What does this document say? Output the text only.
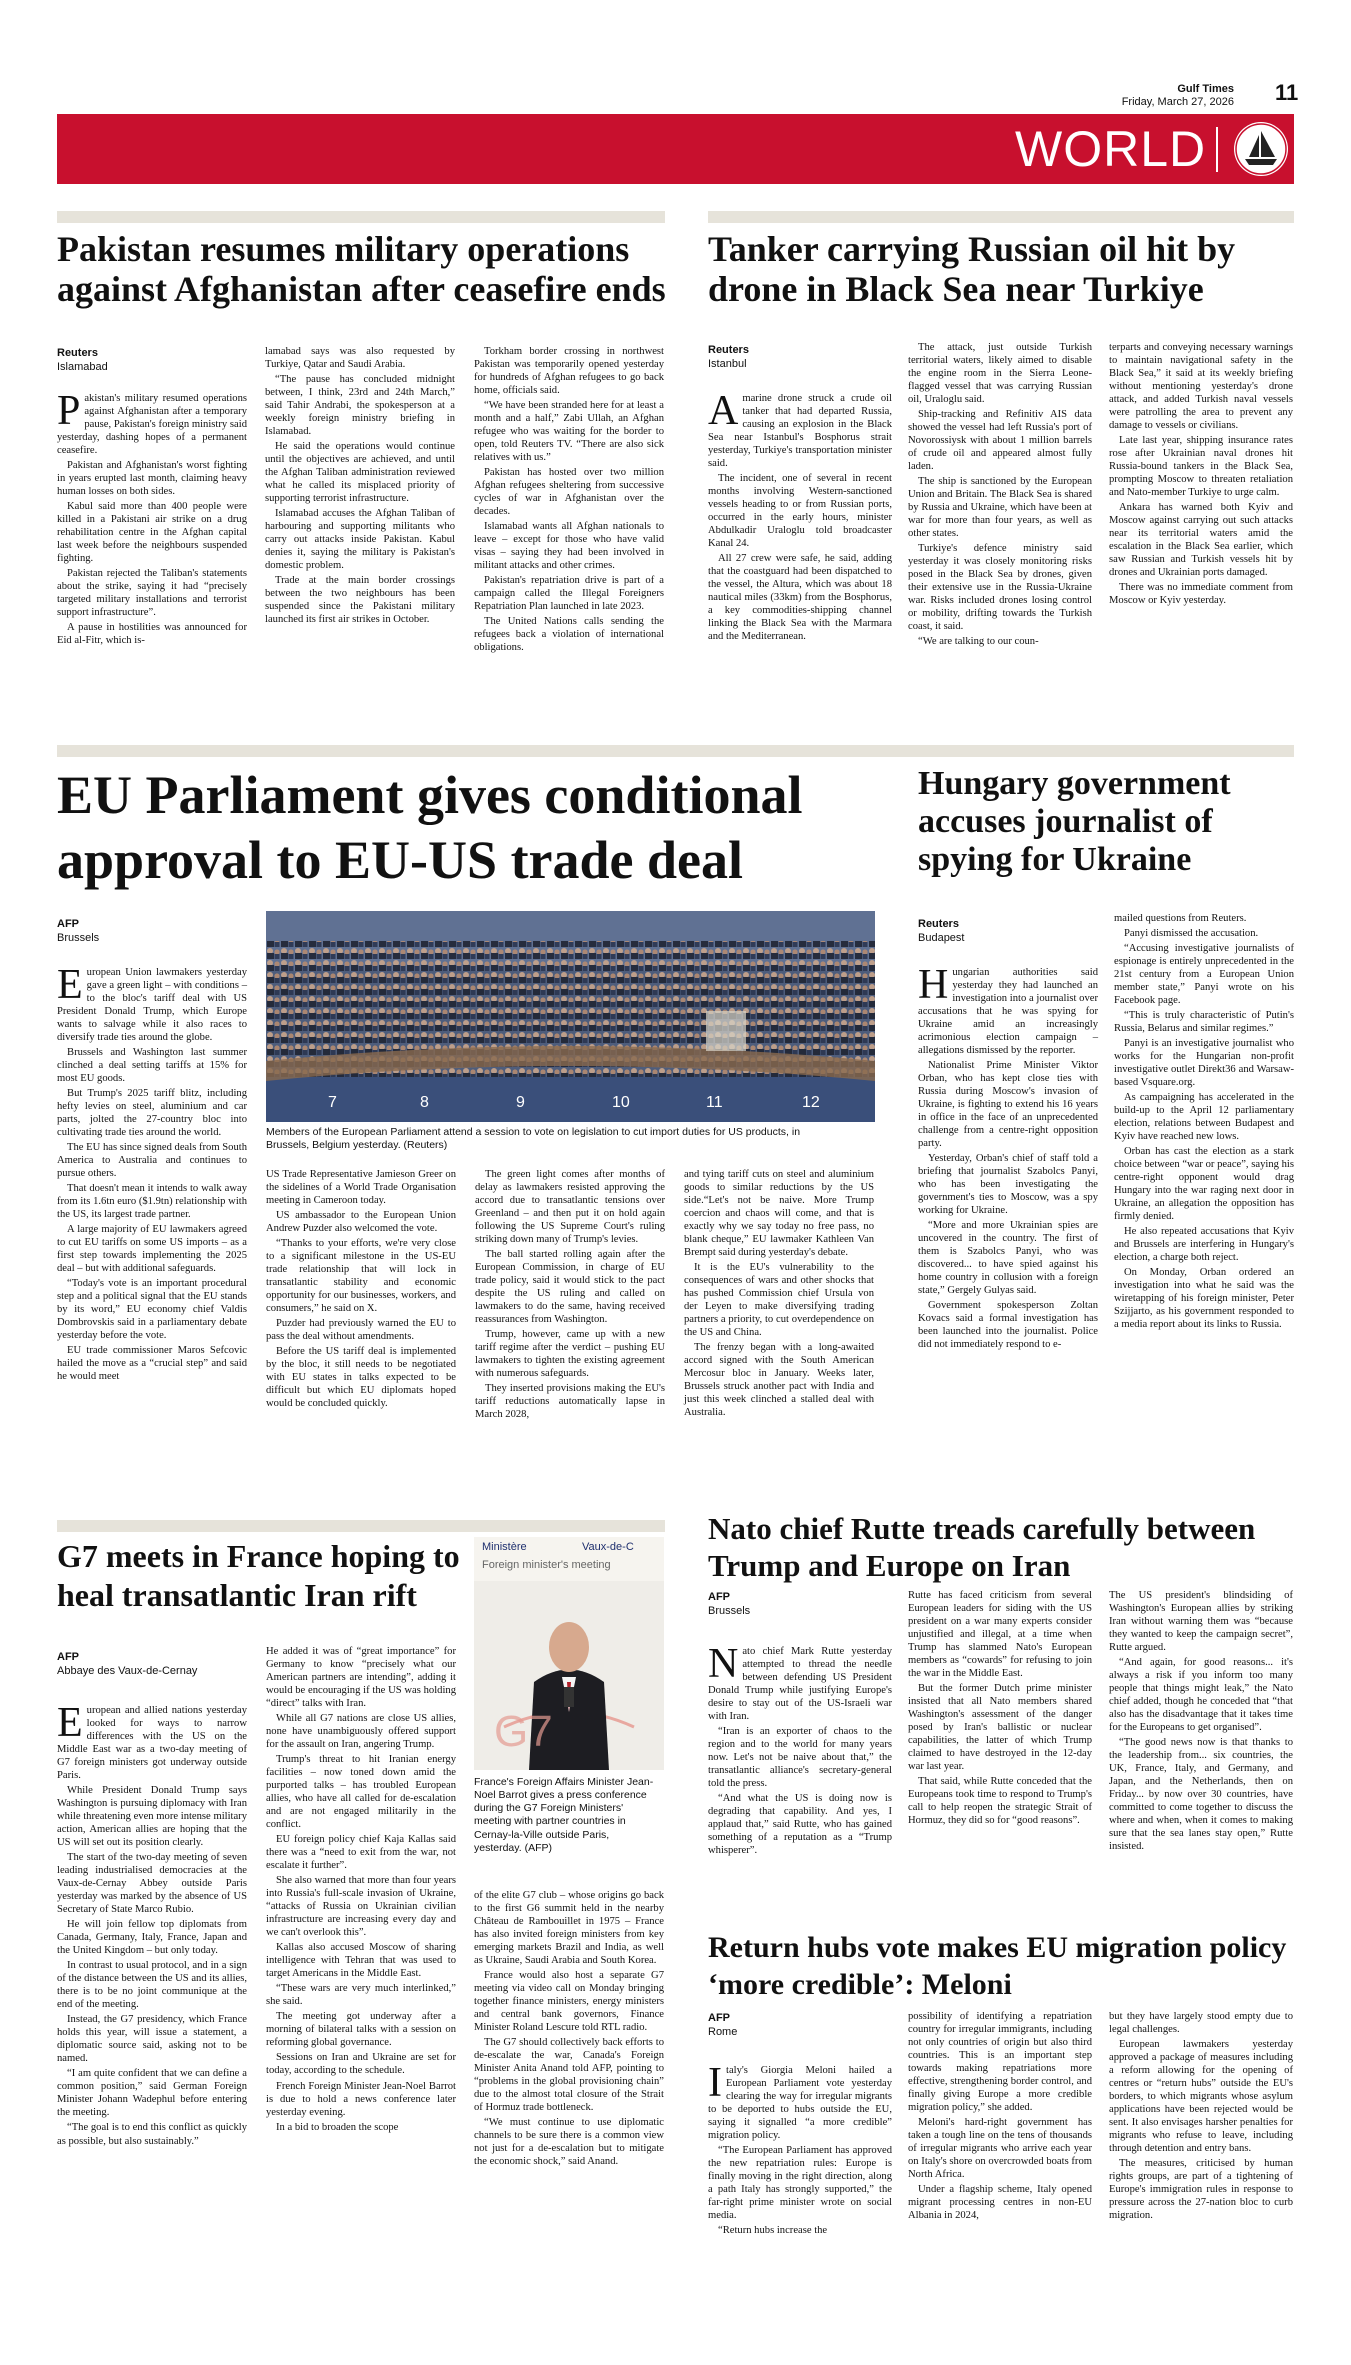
Gulf Times
Friday, March 27, 2026 11
WORLD
Pakistan resumes military operations against Afghanistan after ceasefire ends
Reuters
Islamabad

Pakistan's military resumed operations against Afghanistan after a temporary pause, Pakistan's foreign ministry said yesterday, dashing hopes of a permanent ceasefire.

Pakistan and Afghanistan's worst fighting in years erupted last month, claiming heavy human losses on both sides.

Kabul said more than 400 people were killed in a Pakistani air strike on a drug rehabilitation centre in the Afghan capital last week before the neighbours suspended fighting.

Pakistan rejected the Taliban's statements about the strike, saying it had “precisely targeted military installations and terrorist support infrastructure”.

A pause in hostilities was announced for Eid al-Fitr, which is-

lamabad says was also requested by Turkiye, Qatar and Saudi Arabia.

“The pause has concluded midnight between, I think, 23rd and 24th March,” said Tahir Andrabi, the spokesperson at a weekly foreign ministry briefing in Islamabad.

He said the operations would continue until the objectives are achieved, and until the Afghan Taliban administration reviewed what he called its misplaced priority of supporting terrorist infrastructure.

Islamabad accuses the Afghan Taliban of harbouring and supporting militants who carry out attacks inside Pakistan. Kabul denies it, saying the military is Pakistan's domestic problem.

Trade at the main border crossings between the two neighbours has been suspended since the Pakistani military launched its first air strikes in October.

Torkham border crossing in northwest Pakistan was temporarily opened yesterday for hundreds of Afghan refugees to go back home, officials said.

“We have been stranded here for at least a month and a half,” Zabi Ullah, an Afghan refugee who was waiting for the border to open, told Reuters TV. “There are also sick relatives with us.”

Pakistan has hosted over two million Afghan refugees sheltering from successive cycles of war in Afghanistan over the decades.

Islamabad wants all Afghan nationals to leave – except for those who have valid visas – saying they had been involved in militant attacks and other crimes.

Pakistan's repatriation drive is part of a campaign called the Illegal Foreigners Repatriation Plan launched in late 2023.

The United Nations calls sending the refugees back a violation of international obligations.

Tanker carrying Russian oil hit by drone in Black Sea near Turkiye
Reuters
Istanbul

A marine drone struck a crude oil tanker that had departed Russia, causing an explosion in the Black Sea near Istanbul's Bosphorus strait yesterday, Turkiye's transportation minister said.

The incident, one of several in recent months involving Western-sanctioned vessels heading to or from Russian ports, occurred in the early hours, minister Abdulkadir Uraloglu told broadcaster Kanal 24.

All 27 crew were safe, he said, adding that the coastguard had been dispatched to the vessel, the Altura, which was about 18 nautical miles (33km) from the Bosphorus, a key commodities-shipping channel linking the Black Sea with the Marmara and the Mediterranean.

The attack, just outside Turkish territorial waters, likely aimed to disable the engine room in the Sierra Leone-flagged vessel that was carrying Russian oil, Uraloglu said.

Ship-tracking and Refinitiv AIS data showed the vessel had left Russia's port of Novorossiysk with about 1 million barrels of crude oil and appeared almost fully laden.

The ship is sanctioned by the European Union and Britain. The Black Sea is shared by Russia and Ukraine, which have been at war for more than four years, as well as other states.

Turkiye's defence ministry said yesterday it was closely monitoring risks posed in the Black Sea by drones, given their extensive use in the Russia-Ukraine war. Risks included drones losing control or mobility, drifting towards the Turkish coast, it said.

“We are talking to our coun-

terparts and conveying necessary warnings to maintain navigational safety in the Black Sea,” it said at its weekly briefing without mentioning yesterday's drone attack, and added Turkish naval vessels were patrolling the area to prevent any damage to vessels or civilians.

Late last year, shipping insurance rates rose after Ukrainian naval drones hit Russia-bound tankers in the Black Sea, prompting Moscow to threaten retaliation and Nato-member Turkiye to urge calm.

Ankara has warned both Kyiv and Moscow against carrying out such attacks near its territorial waters amid the escalation in the Black Sea earlier, which saw Russian and Turkish vessels hit by drones and Ukrainian ports damaged.

There was no immediate comment from Moscow or Kyiv yesterday.

EU Parliament gives conditional approval to EU-US trade deal
AFP
Brussels

European Union lawmakers yesterday gave a green light – with conditions – to the bloc's tariff deal with US President Donald Trump, which Europe wants to salvage while it also races to diversify trade ties around the globe.

Brussels and Washington last summer clinched a deal setting tariffs at 15% for most EU goods.

But Trump's 2025 tariff blitz, including hefty levies on steel, aluminium and car parts, jolted the 27-country bloc into cultivating trade ties around the world.

The EU has since signed deals from South America to Australia and continues to pursue others.

That doesn't mean it intends to walk away from its 1.6tn euro ($1.9tn) relationship with the US, its largest trade partner.

A large majority of EU lawmakers agreed to cut EU tariffs on some US imports – as a first step towards implementing the 2025 deal – but with additional safeguards.

“Today's vote is an important procedural step and a political signal that the EU stands by its word,” EU economy chief Valdis Dombrovskis said in a parliamentary debate yesterday before the vote.

EU trade commissioner Maros Sefcovic hailed the move as a “crucial step” and said he would meet

7	8	9	10	11	12
Members of the European Parliament attend a session to vote on legislation to cut import duties for US products, in Brussels, Belgium yesterday. (Reuters)

US Trade Representative Jamieson Greer on the sidelines of a World Trade Organisation meeting in Cameroon today.

US ambassador to the European Union Andrew Puzder also welcomed the vote.

“Thanks to your efforts, we're very close to a significant milestone in the US-EU trade relationship that will lock in transatlantic stability and economic opportunity for our businesses, workers, and consumers,” he said on X.

Puzder had previously warned the EU to pass the deal without amendments.

Before the US tariff deal is implemented by the bloc, it still needs to be negotiated with EU states in talks expected to be difficult but which EU diplomats hoped would be concluded quickly.

The green light comes after months of delay as lawmakers resisted approving the accord due to transatlantic tensions over Greenland – and then put it on hold again following the US Supreme Court's ruling striking down many of Trump's levies.

The ball started rolling again after the European Commission, in charge of EU trade policy, said it would stick to the pact despite the US ruling and called on lawmakers to do the same, having received reassurances from Washington.

Trump, however, came up with a new tariff regime after the verdict – pushing EU lawmakers to tighten the existing agreement with numerous safeguards.

They inserted provisions making the EU's tariff reductions automatically lapse in March 2028,

and tying tariff cuts on steel and aluminium goods to similar reductions by the US side.“Let's not be naive. More Trump coercion and chaos will come, and that is exactly why we say today no free pass, no blank cheque,” EU lawmaker Kathleen Van Brempt said during yesterday's debate.

It is the EU's vulnerability to the consequences of wars and other shocks that has pushed Commission chief Ursula von der Leyen to make diversifying trading partners a priority, to cut overdependence on the US and China.

The frenzy began with a long-awaited accord signed with the South American Mercosur bloc in January. Weeks later, Brussels struck another pact with India and just this week clinched a stalled deal with Australia.

Hungary government accuses journalist of spying for Ukraine
Reuters
Budapest

Hungarian authorities said yesterday they had launched an investigation into a journalist over accusations that he was spying for Ukraine amid an increasingly acrimonious election campaign – allegations dismissed by the reporter.

Nationalist Prime Minister Viktor Orban, who has kept close ties with Russia during Moscow's invasion of Ukraine, is fighting to extend his 16 years in office in the face of an unprecedented challenge from a centre-right opposition party.

Yesterday, Orban's chief of staff told a briefing that journalist Szabolcs Panyi, who has been investigating the government's ties to Moscow, was a spy working for Ukraine.

“More and more Ukrainian spies are uncovered in the country. The first of them is Szabolcs Panyi, who was discovered... to have spied against his home country in collusion with a foreign state,” Gergely Gulyas said.

Government spokesperson Zoltan Kovacs said a formal investigation has been launched into the journalist. Police did not immediately respond to e-

mailed questions from Reuters.

Panyi dismissed the accusation.

“Accusing investigative journalists of espionage is entirely unprecedented in the 21st century from a European Union member state,” Panyi wrote on his Facebook page.

“This is truly characteristic of Putin's Russia, Belarus and similar regimes.”

Panyi is an investigative journalist who works for the Hungarian non-profit investigative outlet Direkt36 and Warsaw-based Vsquare.org.

As campaigning has accelerated in the build-up to the April 12 parliamentary election, relations between Budapest and Kyiv have reached new lows.

Orban has cast the election as a stark choice between “war or peace”, saying his centre-right opponent would drag Hungary into the war raging next door in Ukraine, an allegation the opposition has firmly denied.

He also repeated accusations that Kyiv and Brussels are interfering in Hungary's election, a charge both reject.

On Monday, Orban ordered an investigation into what he said was the wiretapping of his foreign minister, Peter Szijjarto, as his government responded to a media report about its links to Russia.

G7 meets in France hoping to heal transatlantic Iran rift
AFP
Abbaye des Vaux-de-Cernay

European and allied nations yesterday looked for ways to narrow differences with the US on the Middle East war as a two-day meeting of G7 foreign ministers got underway outside Paris.

While President Donald Trump says Washington is pursuing diplomacy with Iran while threatening even more intense military action, American allies are hoping that the US will set out its position clearly.

The start of the two-day meeting of seven leading industrialised democracies at the Vaux-de-Cernay Abbey outside Paris yesterday was marked by the absence of US Secretary of State Marco Rubio.

He will join fellow top diplomats from Canada, Germany, Italy, France, Japan and the United Kingdom – but only today.

In contrast to usual protocol, and in a sign of the distance between the US and its allies, there is to be no joint communique at the end of the meeting.

Instead, the G7 presidency, which France holds this year, will issue a statement, a diplomatic source said, asking not to be named.

“I am quite confident that we can define a common position,” said German Foreign Minister Johann Wadephul before entering the meeting.

“The goal is to end this conflict as quickly as possible, but also sustainably.”

He added it was of “great importance” for Germany to know “precisely what our American partners are intending”, adding it would be encouraging if the US was holding “direct” talks with Iran.

While all G7 nations are close US allies, none have unambiguously offered support for the assault on Iran, angering Trump.

Trump's threat to hit Iranian energy facilities – now toned down amid the purported talks – has troubled European allies, who have all called for de-escalation and are not engaged militarily in the conflict.

EU foreign policy chief Kaja Kallas said there was a “need to exit from the war, not escalate it further”.

She also warned that more than four years into Russia's full-scale invasion of Ukraine, “attacks of Russia on Ukrainian civilian infrastructure are increasing every day and we can't overlook this”.

Kallas also accused Moscow of sharing intelligence with Tehran that was used to target Americans in the Middle East.

“These wars are very much interlinked,” she said.

The meeting got underway after a morning of bilateral talks with a session on reforming global governance.

Sessions on Iran and Ukraine are set for today, according to the schedule.

French Foreign Minister Jean-Noel Barrot is due to hold a news conference later yesterday evening.

In a bid to broaden the scope

Ministère	Vaux-de-C
Foreign minister's meeting
G7
France's Foreign Affairs Minister Jean-Noel Barrot gives a press conference during the G7 Foreign Ministers' meeting with partner countries in Cernay-la-Ville outside Paris, yesterday. (AFP)

of the elite G7 club – whose origins go back to the first G6 summit held in the nearby Château de Rambouillet in 1975 – France has also invited foreign ministers from key emerging markets Brazil and India, as well as Ukraine, Saudi Arabia and South Korea.

France would also host a separate G7 meeting via video call on Monday bringing together finance ministers, energy ministers and central bank governors, Finance Minister Roland Lescure told RTL radio.

The G7 should collectively back efforts to de-escalate the war, Canada's Foreign Minister Anita Anand told AFP, pointing to “problems in the global provisioning chain” due to the almost total closure of the Strait of Hormuz trade bottleneck.

“We must continue to use diplomatic channels to be sure there is a common view not just for a de-escalation but to mitigate the economic shock,” said Anand.

Nato chief Rutte treads carefully between Trump and Europe on Iran
AFP
Brussels

Nato chief Mark Rutte yesterday attempted to thread the needle between defending US President Donald Trump while justifying Europe's desire to stay out of the US-Israeli war with Iran.

“Iran is an exporter of chaos to the region and to the world for many years now. Let's not be naive about that,” the transatlantic alliance's secretary-general told the press.

“And what the US is doing now is degrading that capability. And yes, I applaud that,” said Rutte, who has gained something of a reputation as a “Trump whisperer”.

Rutte has faced criticism from several European leaders for siding with the US president on a war many experts consider unjustified and illegal, at a time when Trump has slammed Nato's European members as “cowards” for refusing to join the war in the Middle East.

But the former Dutch prime minister insisted that all Nato members shared Washington's assessment of the danger posed by Iran's ballistic or nuclear capabilities, the latter of which Trump claimed to have destroyed in the 12-day war last year.

That said, while Rutte conceded that the Europeans took time to respond to Trump's call to help reopen the strategic Strait of Hormuz, they did so for “good reasons”.

The US president's blindsiding of Washington's European allies by striking Iran without warning them was “because they wanted to keep the campaign secret”, Rutte argued.

“And again, for good reasons... it's always a risk if you inform too many people that things might leak,” the Nato chief added, though he conceded that “that also has the disadvantage that it takes time for the Europeans to get organised”.

“The good news now is that thanks to the leadership from... six countries, the UK, France, Italy, and Germany, and Japan, and the Netherlands, then on Friday... by now over 30 countries, have committed to come together to discuss the where and when, when it comes to making sure that the sea lanes stay open,” Rutte insisted.

Return hubs vote makes EU migration policy ‘more credible’: Meloni
AFP
Rome

Italy's Giorgia Meloni hailed a European Parliament vote yesterday clearing the way for irregular migrants to be deported to hubs outside the EU, saying it signalled “a more credible” migration policy.

“The European Parliament has approved the new repatriation rules: Europe is finally moving in the right direction, along a path Italy has strongly supported,” the far-right prime minister wrote on social media.

“Return hubs increase the

possibility of identifying a repatriation country for irregular immigrants, including not only countries of origin but also third countries. This is an important step towards making repatriations more effective, strengthening border control, and finally giving Europe a more credible migration policy,” she added.

Meloni's hard-right government has taken a tough line on the tens of thousands of irregular migrants who arrive each year on Italy's shore on overcrowded boats from North Africa.

Under a flagship scheme, Italy opened migrant processing centres in non-EU Albania in 2024,

but they have largely stood empty due to legal challenges.

European lawmakers yesterday approved a package of measures including a reform allowing for the opening of centres or “return hubs” outside the EU's borders, to which migrants whose asylum applications have been rejected would be sent. It also envisages harsher penalties for migrants who refuse to leave, including through detention and entry bans.

The measures, criticised by human rights groups, are part of a tightening of Europe's immigration rules in response to pressure across the 27-nation bloc to curb migration.
